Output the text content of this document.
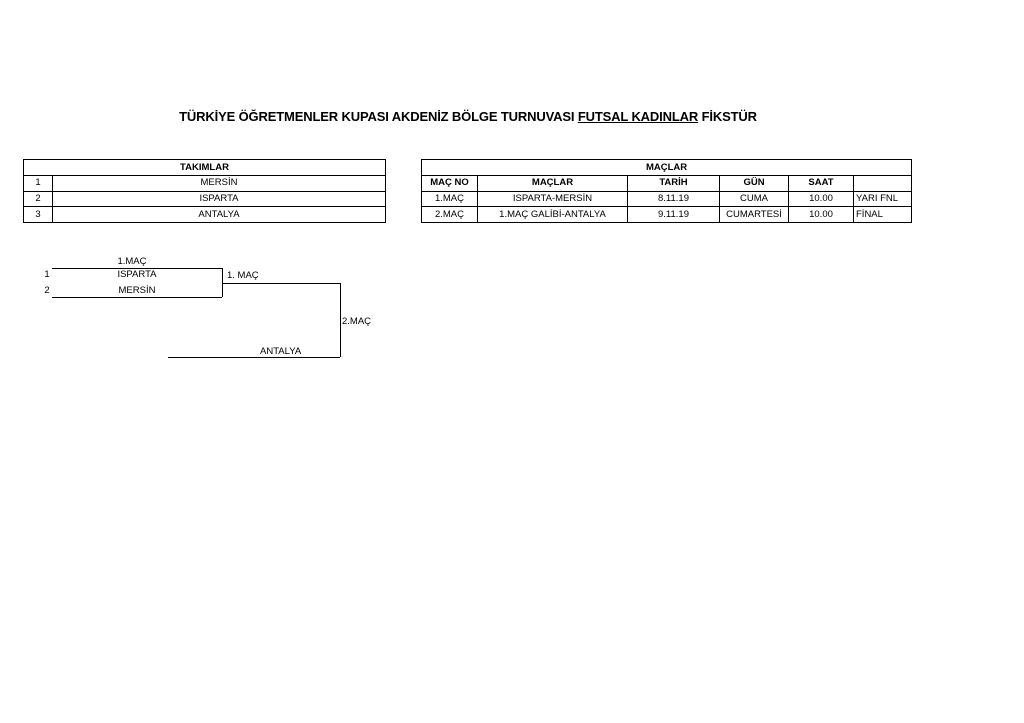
TÜRKİYE ÖĞRETMENLER KUPASI AKDENİZ BÖLGE TURNUVASI FUTSAL KADINLAR FİKSTÜR
TAKIMLAR	
1	MERSİN
2	ISPARTA
3	ANTALYA
MAÇLAR					
MAÇ NO	MAÇLAR	TARİH	GÜN	SAAT	
1.MAÇ	ISPARTA-MERSİN	8.11.19	CUMA	10.00	YARI FNL
2.MAÇ	1.MAÇ GALİBİ-ANTALYA	9.11.19	CUMARTESİ	10.00	FİNAL
1.MAÇ
1	ISPARTA	1. MAÇ
2	MERSİN
2.MAÇ
ANTALYA
